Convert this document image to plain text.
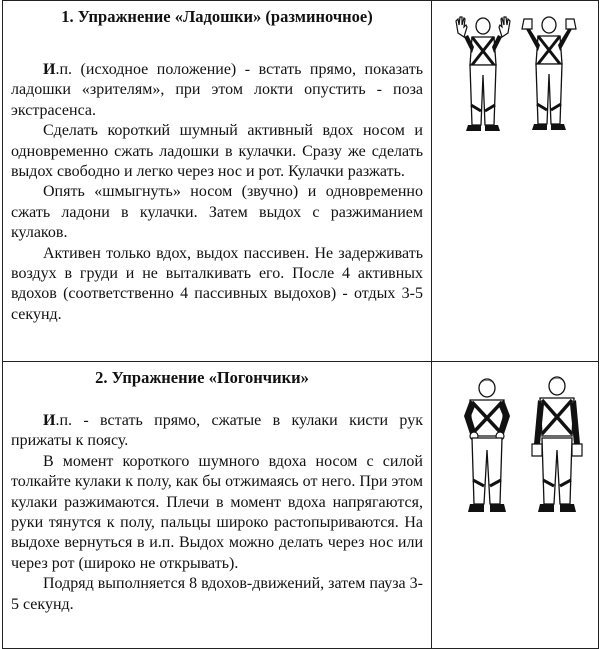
1. Упражнение «Ладошки» (разминочное)

И.п. (исходное положение) - встать прямо, показать ладошки «зрителям», при этом локти опустить - поза экстрасенса.

Сделать короткий шумный активный вдох носом и одновременно сжать ладошки в кулачки. Сразу же сделать выдох свободно и легко через нос и рот. Кулачки разжать.

Опять «шмыгнуть» носом (звучно) и одновременно сжать ладони в кулачки. Затем выдох с разжиманием кулаков.

Активен только вдох, выдох пассивен. Не задерживать воздух в груди и не выталкивать его. После 4 активных вдохов (соответственно 4 пассивных выдохов) - отдых 3-5 секунд.

2. Упражнение «Погончики»

И.п. - встать прямо, сжатые в кулаки кисти рук прижаты к поясу.

В момент короткого шумного вдоха носом с силой толкайте кулаки к полу, как бы отжимаясь от него. При этом кулаки разжимаются. Плечи в момент вдоха напрягаются, руки тянутся к полу, пальцы широко растопыриваются. На выдохе вернуться в и.п. Выдох можно делать через нос или через рот (широко не открывать).

Подряд выполняется 8 вдохов-движений, затем пауза 3-5 секунд.
